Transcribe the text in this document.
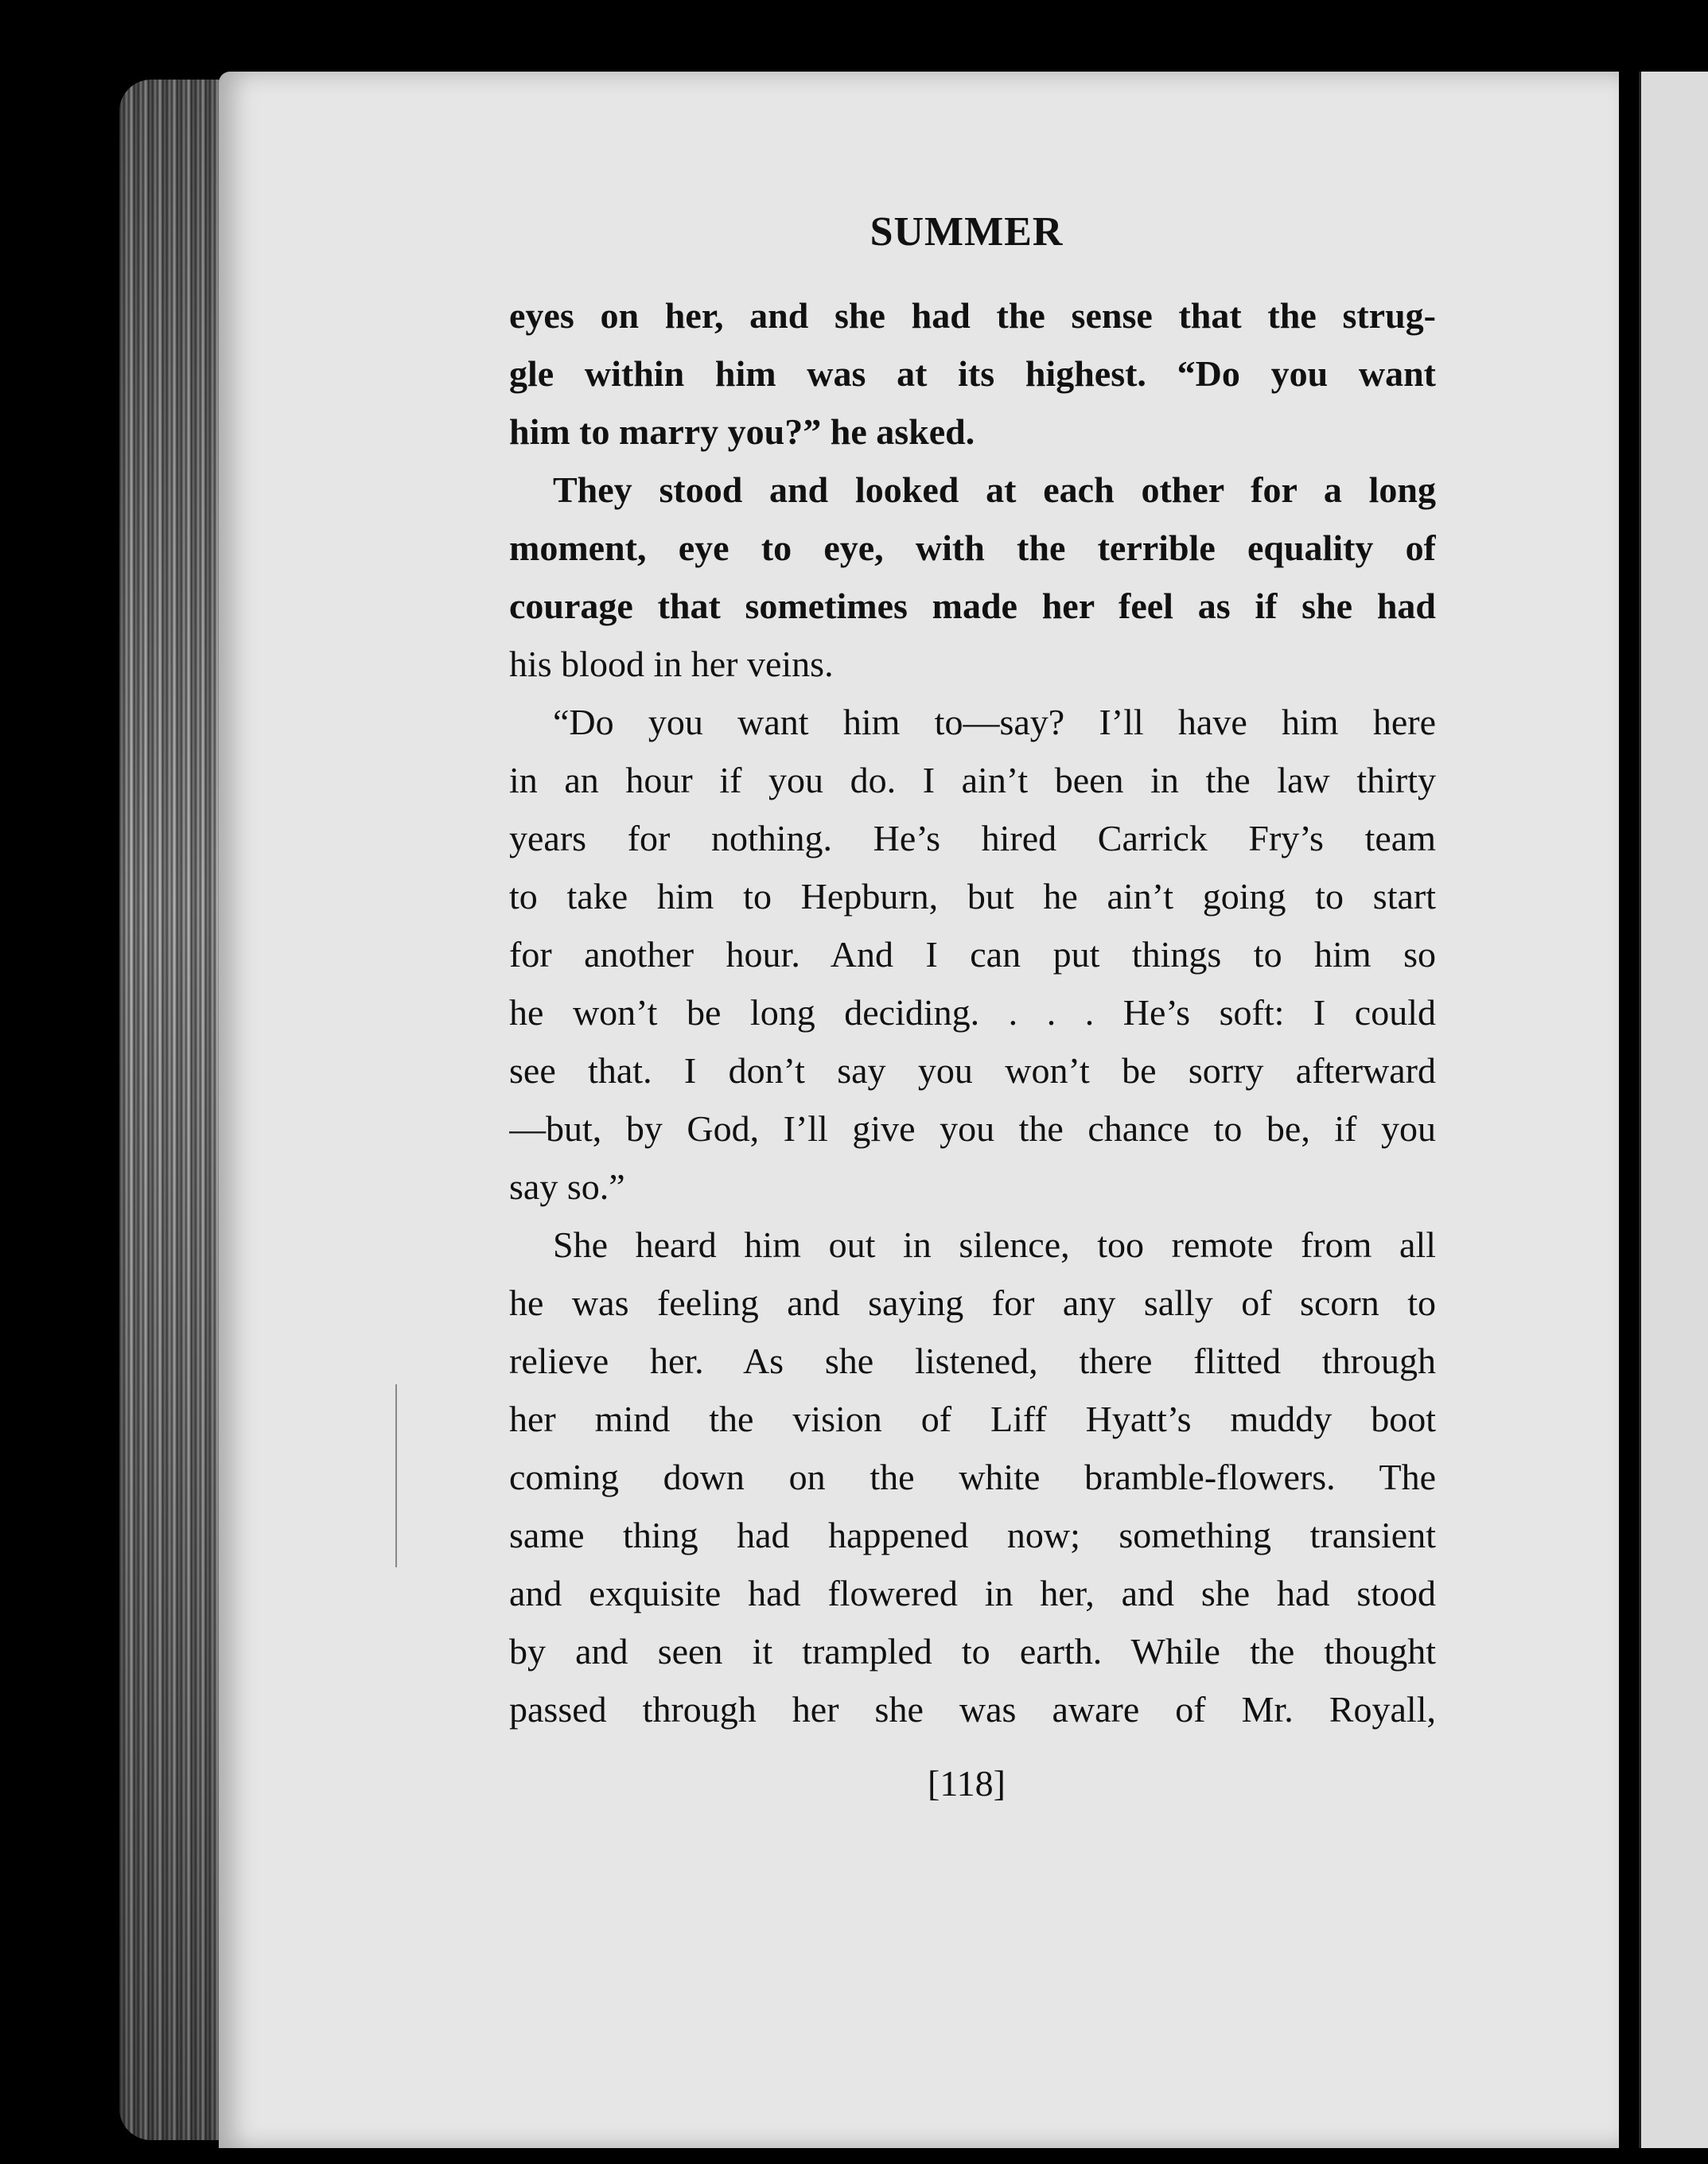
SUMMER
eyes on her, and she had the sense that the strug-
gle within him was at its highest. “Do you want
him to marry you?” he asked.
They stood and looked at each other for a long
moment, eye to eye, with the terrible equality of
courage that sometimes made her feel as if she had
his blood in her veins.
“Do you want him to—say? I’ll have him here
in an hour if you do. I ain’t been in the law thirty
years for nothing. He’s hired Carrick Fry’s team
to take him to Hepburn, but he ain’t going to start
for another hour. And I can put things to him so
he won’t be long deciding. . . . He’s soft: I could
see that. I don’t say you won’t be sorry afterward
—but, by God, I’ll give you the chance to be, if you
say so.”
She heard him out in silence, too remote from all
he was feeling and saying for any sally of scorn to
relieve her. As she listened, there flitted through
her mind the vision of Liff Hyatt’s muddy boot
coming down on the white bramble-flowers. The
same thing had happened now; something transient
and exquisite had flowered in her, and she had stood
by and seen it trampled to earth. While the thought
passed through her she was aware of Mr. Royall,
[118]
